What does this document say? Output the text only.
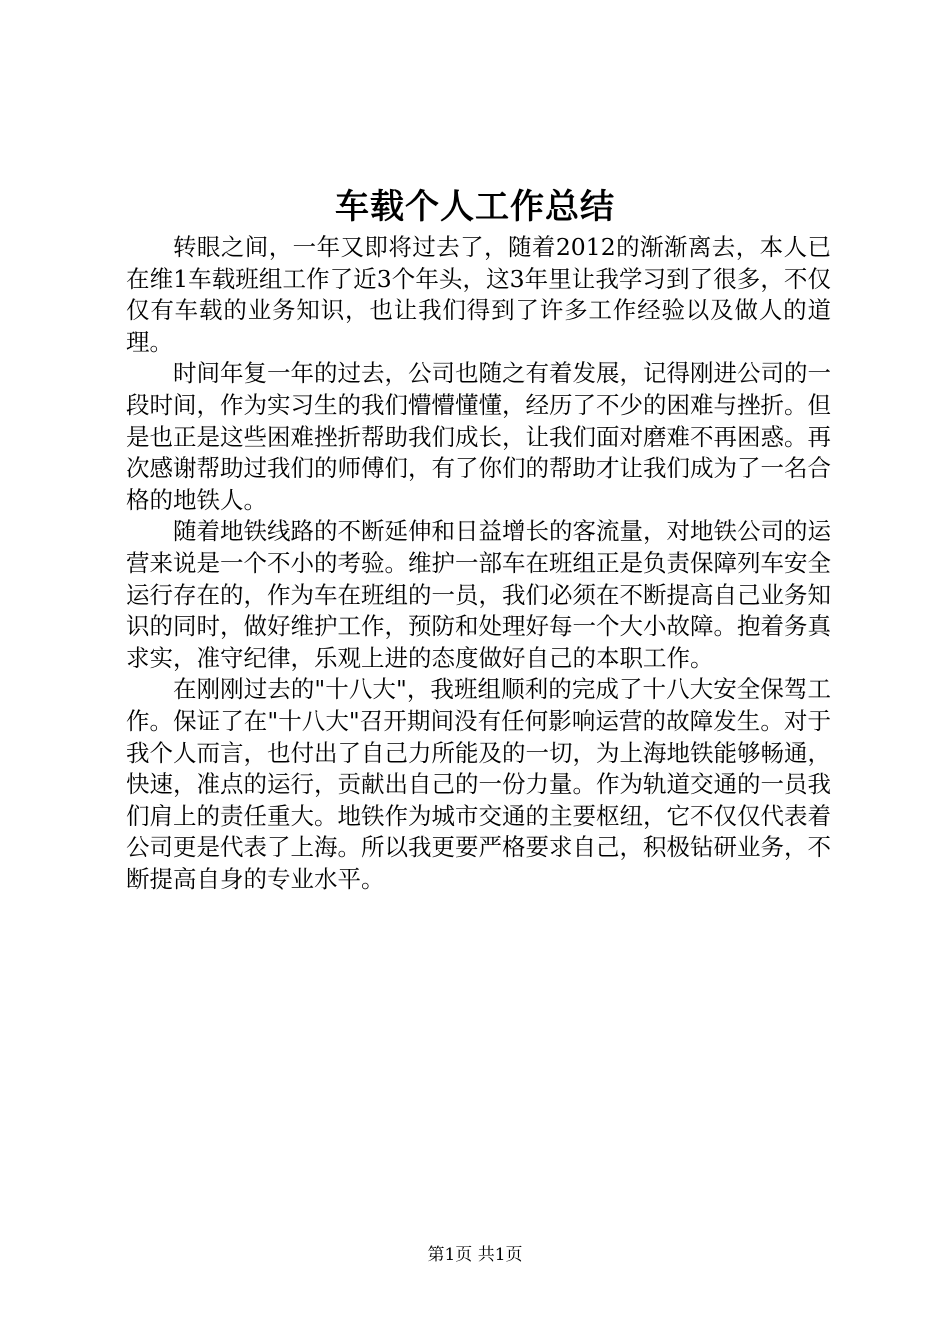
车载个人工作总结

转眼之间，一年又即将过去了，随着2012的渐渐离去，本人已在维1车载班组工作了近3个年头，这3年里让我学习到了很多，不仅仅有车载的业务知识，也让我们得到了许多工作经验以及做人的道理。

时间年复一年的过去，公司也随之有着发展，记得刚进公司的一段时间，作为实习生的我们懵懵懂懂，经历了不少的困难与挫折。但是也正是这些困难挫折帮助我们成长，让我们面对磨难不再困惑。再次感谢帮助过我们的师傅们，有了你们的帮助才让我们成为了一名合格的地铁人。

随着地铁线路的不断延伸和日益增长的客流量，对地铁公司的运营来说是一个不小的考验。维护一部车在班组正是负责保障列车安全运行存在的，作为车在班组的一员，我们必须在不断提高自己业务知识的同时，做好维护工作，预防和处理好每一个大小故障。抱着务真求实，准守纪律，乐观上进的态度做好自己的本职工作。

在刚刚过去的"十八大"，我班组顺利的完成了十八大安全保驾工作。保证了在"十八大"召开期间没有任何影响运营的故障发生。对于我个人而言，也付出了自己力所能及的一切，为上海地铁能够畅通，快速，准点的运行，贡献出自己的一份力量。作为轨道交通的一员我们肩上的责任重大。地铁作为城市交通的主要枢纽，它不仅仅代表着公司更是代表了上海。所以我更要严格要求自己，积极钻研业务，不断提高自身的专业水平。

第1页 共1页
